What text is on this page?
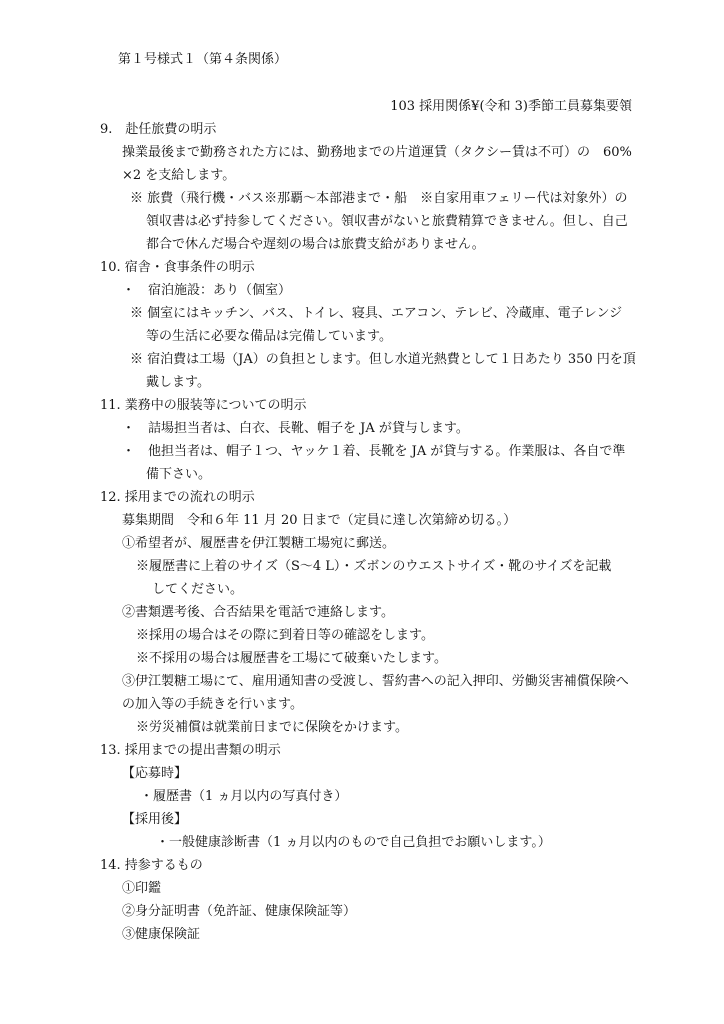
第１号様式１（第４条関係）
103 採用関係¥(令和 3)季節工員募集要領
9.　赴任旅費の明示
操業最後まで勤務された方には、勤務地までの片道運賃（タクシー賃は不可）の　60%
×2 を支給します。
※ 旅費（飛行機・バス※那覇～本部港まで・船　※自家用車フェリー代は対象外）の
領収書は必ず持参してください。領収書がないと旅費精算できません。但し、自己
都合で休んだ場合や遅刻の場合は旅費支給がありません。
10. 宿舎・食事条件の明示
・　宿泊施設：あり（個室）
※ 個室にはキッチン、バス、トイレ、寝具、エアコン、テレビ、冷蔵庫、電子レンジ
等の生活に必要な備品は完備しています。
※ 宿泊費は工場（JA）の負担とします。但し水道光熱費として１日あたり 350 円を頂
戴します。
11. 業務中の服装等についての明示
・　詰場担当者は、白衣、長靴、帽子を JA が貸与します。
・　他担当者は、帽子１つ、ヤッケ１着、長靴を JA が貸与する。作業服は、各自で準
備下さい。
12. 採用までの流れの明示
募集期間　令和６年 11 月 20 日まで（定員に達し次第締め切る。）
①希望者が、履歴書を伊江製糖工場宛に郵送。
※履歴書に上着のサイズ（S～4 L）・ズボンのウエストサイズ・靴のサイズを記載
してください。
②書類選考後、合否結果を電話で連絡します。
※採用の場合はその際に到着日等の確認をします。
※不採用の場合は履歴書を工場にて破棄いたします。
③伊江製糖工場にて、雇用通知書の受渡し、誓約書への記入押印、労働災害補償保険へ
の加入等の手続きを行います。
※労災補償は就業前日までに保険をかけます。
13. 採用までの提出書類の明示
【応募時】
・履歴書（1 ヵ月以内の写真付き）
【採用後】
・一般健康診断書（1 ヵ月以内のもので自己負担でお願いします。）
14. 持参するもの
①印鑑
②身分証明書（免許証、健康保険証等）
③健康保険証
